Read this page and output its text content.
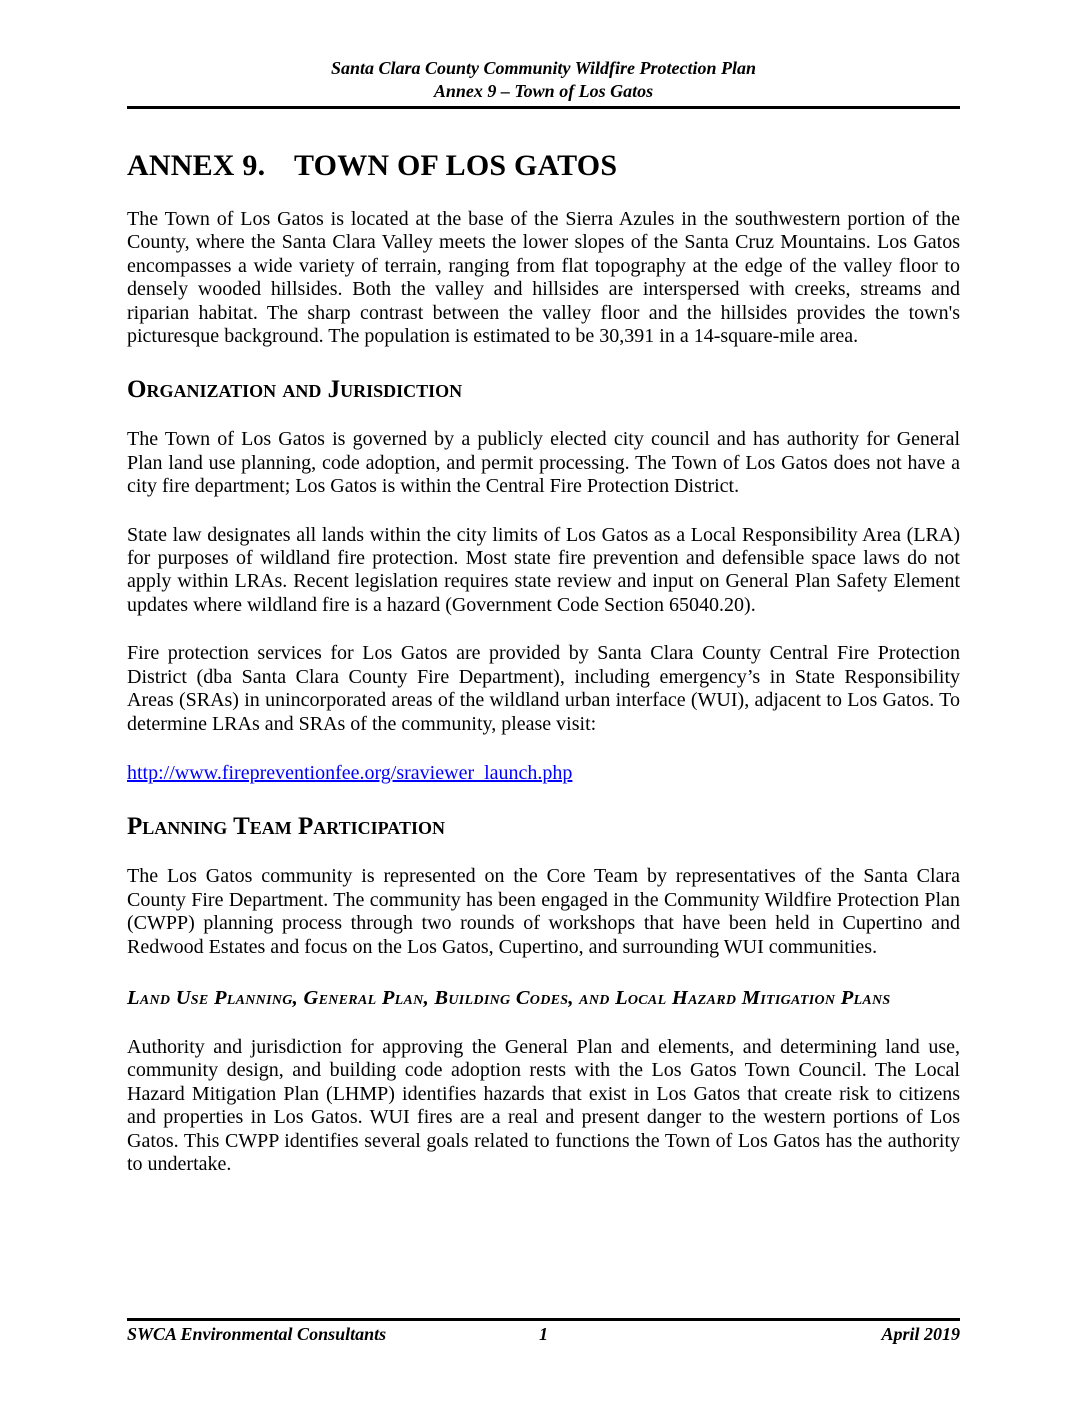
Santa Clara County Community Wildfire Protection Plan
Annex 9 – Town of Los Gatos
ANNEX 9. TOWN OF LOS GATOS

The Town of Los Gatos is located at the base of the Sierra Azules in the southwestern portion of the County, where the Santa Clara Valley meets the lower slopes of the Santa Cruz Mountains. Los Gatos encompasses a wide variety of terrain, ranging from flat topography at the edge of the valley floor to densely wooded hillsides. Both the valley and hillsides are interspersed with creeks, streams and riparian habitat. The sharp contrast between the valley floor and the hillsides provides the town's picturesque background. The population is estimated to be 30,391 in a 14-square-mile area.

Organization and Jurisdiction

The Town of Los Gatos is governed by a publicly elected city council and has authority for General Plan land use planning, code adoption, and permit processing. The Town of Los Gatos does not have a city fire department; Los Gatos is within the Central Fire Protection District.

State law designates all lands within the city limits of Los Gatos as a Local Responsibility Area (LRA) for purposes of wildland fire protection. Most state fire prevention and defensible space laws do not apply within LRAs. Recent legislation requires state review and input on General Plan Safety Element updates where wildland fire is a hazard (Government Code Section 65040.20).

Fire protection services for Los Gatos are provided by Santa Clara County Central Fire Protection District (dba Santa Clara County Fire Department), including emergency’s in State Responsibility Areas (SRAs) in unincorporated areas of the wildland urban interface (WUI), adjacent to Los Gatos. To determine LRAs and SRAs of the community, please visit:

http://www.firepreventionfee.org/sraviewer_launch.php

Planning Team Participation

The Los Gatos community is represented on the Core Team by representatives of the Santa Clara County Fire Department. The community has been engaged in the Community Wildfire Protection Plan (CWPP) planning process through two rounds of workshops that have been held in Cupertino and Redwood Estates and focus on the Los Gatos, Cupertino, and surrounding WUI communities.

Land Use Planning, General Plan, Building Codes, and Local Hazard Mitigation Plans

Authority and jurisdiction for approving the General Plan and elements, and determining land use, community design, and building code adoption rests with the Los Gatos Town Council. The Local Hazard Mitigation Plan (LHMP) identifies hazards that exist in Los Gatos that create risk to citizens and properties in Los Gatos. WUI fires are a real and present danger to the western portions of Los Gatos. This CWPP identifies several goals related to functions the Town of Los Gatos has the authority to undertake.

SWCA Environmental Consultants	1	April 2019
